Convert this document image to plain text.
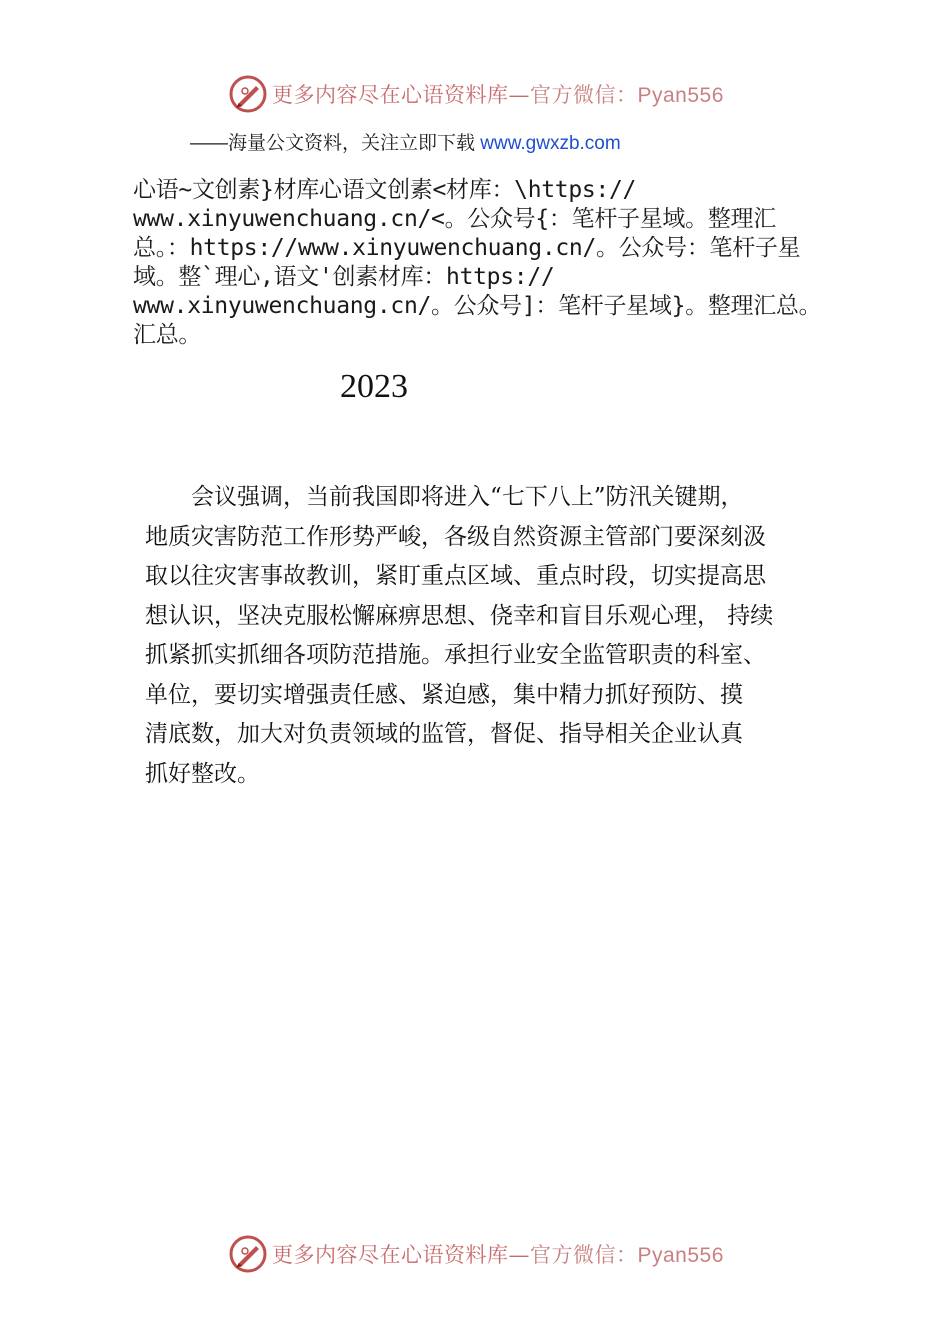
更多内容尽在心语资料库—官方微信：Pyan556
——海量公文资料，关注立即下载 www.gwxzb.com
心语~文创素}材库心语文创素<材库：\https://
www.xinyuwenchuang.cn/<。公众号{：笔杆子星域。整理汇
总。：https://www.xinyuwenchuang.cn/。公众号：笔杆子星
域。整`理心,语文'创素材库：https://
www.xinyuwenchuang.cn/。公众号]：笔杆子星域}。整理汇总。
汇总。
2023
　　会议强调，当前我国即将进入“七下八上”防汛关键期，
地质灾害防范工作形势严峻，各级自然资源主管部门要深刻汲
取以往灾害事故教训，紧盯重点区域、重点时段，切实提高思
想认识，坚决克服松懈麻痹思想、侥幸和盲目乐观心理， 持续
抓紧抓实抓细各项防范措施。承担行业安全监管职责的科室、
单位，要切实增强责任感、紧迫感，集中精力抓好预防、摸
清底数，加大对负责领域的监管，督促、指导相关企业认真
抓好整改。
更多内容尽在心语资料库—官方微信：Pyan556
